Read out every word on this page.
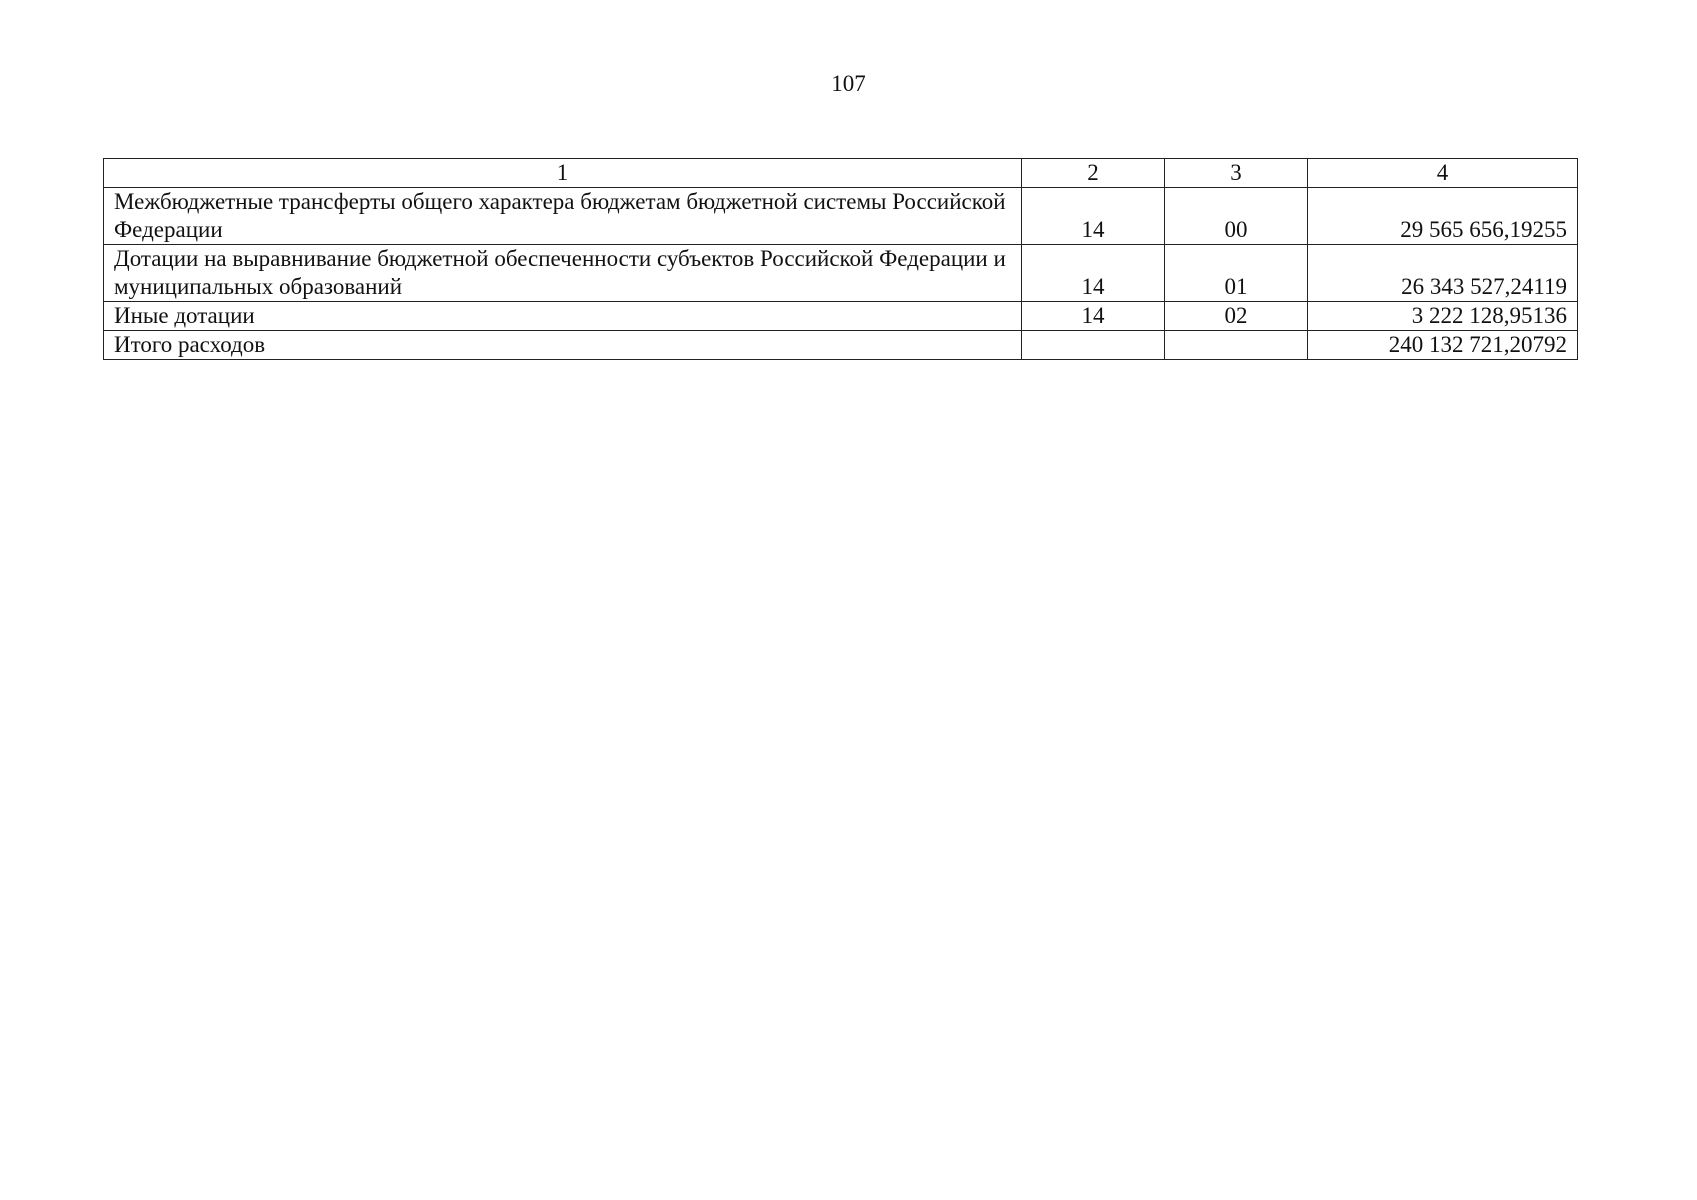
107
1	2	3	4
Межбюджетные трансферты общего характера бюджетам бюджетной системы Российской Федерации	14	00	29 565 656,19255
Дотации на выравнивание бюджетной обеспеченности субъектов Российской Федерации и муниципальных образований	14	01	26 343 527,24119
Иные дотации	14	02	3 222 128,95136
Итого расходов			240 132 721,20792
